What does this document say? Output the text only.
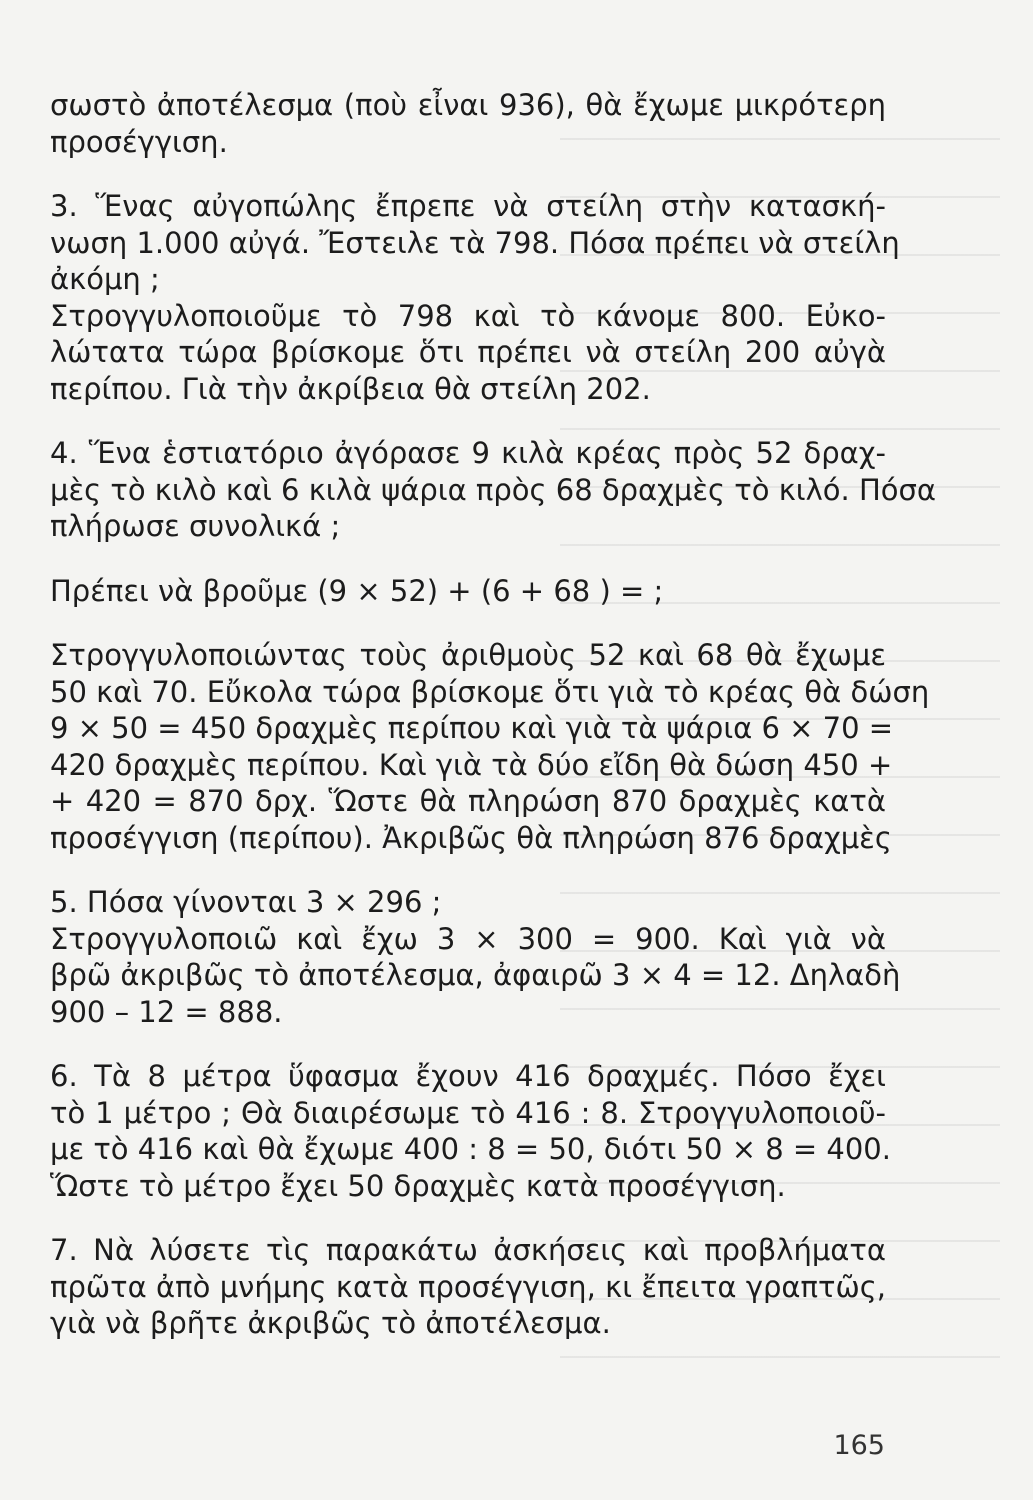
σωστὸ ἀποτέλεσμα (ποὺ εἶναι 936), θὰ ἔχωμε μικρότερη
προσέγγιση.
3. Ἕνας αὐγοπώλης ἔπρεπε νὰ στείλη στὴν κατασκή-
νωση 1.000 αὐγά. Ἔστειλε τὰ 798. Πόσα πρέπει νὰ στείλη
ἀκόμη ;
Στρογγυλοποιοῦμε τὸ 798 καὶ τὸ κάνομε 800. Εὐκο-
λώτατα τώρα βρίσκομε ὅτι πρέπει νὰ στείλη 200 αὐγὰ
περίπου. Γιὰ τὴν ἀκρίβεια θὰ στείλη 202.
4. Ἕνα ἑστιατόριο ἀγόρασε 9 κιλὰ κρέας πρὸς 52 δραχ-
μὲς τὸ κιλὸ καὶ 6 κιλὰ ψάρια πρὸς 68 δραχμὲς τὸ κιλό. Πόσα
πλήρωσε συνολικά ;
Πρέπει νὰ βροῦμε (9 × 52) + (6 + 68 ) = ;
Στρογγυλοποιώντας τοὺς ἀριθμοὺς 52 καὶ 68 θὰ ἔχωμε
50 καὶ 70. Εὔκολα τώρα βρίσκομε ὅτι γιὰ τὸ κρέας θὰ δώση
9 × 50 = 450 δραχμὲς περίπου καὶ γιὰ τὰ ψάρια 6 × 70 =
420 δραχμὲς περίπου. Καὶ γιὰ τὰ δύο εἴδη θὰ δώση 450 +
+ 420 = 870 δρχ. Ὥστε θὰ πληρώση 870 δραχμὲς κατὰ
προσέγγιση (περίπου). Ἀκριβῶς θὰ πληρώση 876 δραχμὲς
5. Πόσα γίνονται 3 × 296 ;
Στρογγυλοποιῶ καὶ ἔχω 3 × 300 = 900. Καὶ γιὰ νὰ
βρῶ ἀκριβῶς τὸ ἀποτέλεσμα, ἀφαιρῶ 3 × 4 = 12. Δηλαδὴ
900 – 12 = 888.
6. Τὰ 8 μέτρα ὕφασμα ἔχουν 416 δραχμές. Πόσο ἔχει
τὸ 1 μέτρο ; Θὰ διαιρέσωμε τὸ 416 : 8. Στρογγυλοποιοῦ-
με τὸ 416 καὶ θὰ ἔχωμε 400 : 8 = 50, διότι 50 × 8 = 400.
Ὥστε τὸ μέτρο ἔχει 50 δραχμὲς κατὰ προσέγγιση.
7. Νὰ λύσετε τὶς παρακάτω ἀσκήσεις καὶ προβλήματα
πρῶτα ἀπὸ μνήμης κατὰ προσέγγιση, κι ἔπειτα γραπτῶς,
γιὰ νὰ βρῆτε ἀκριβῶς τὸ ἀποτέλεσμα.
165
